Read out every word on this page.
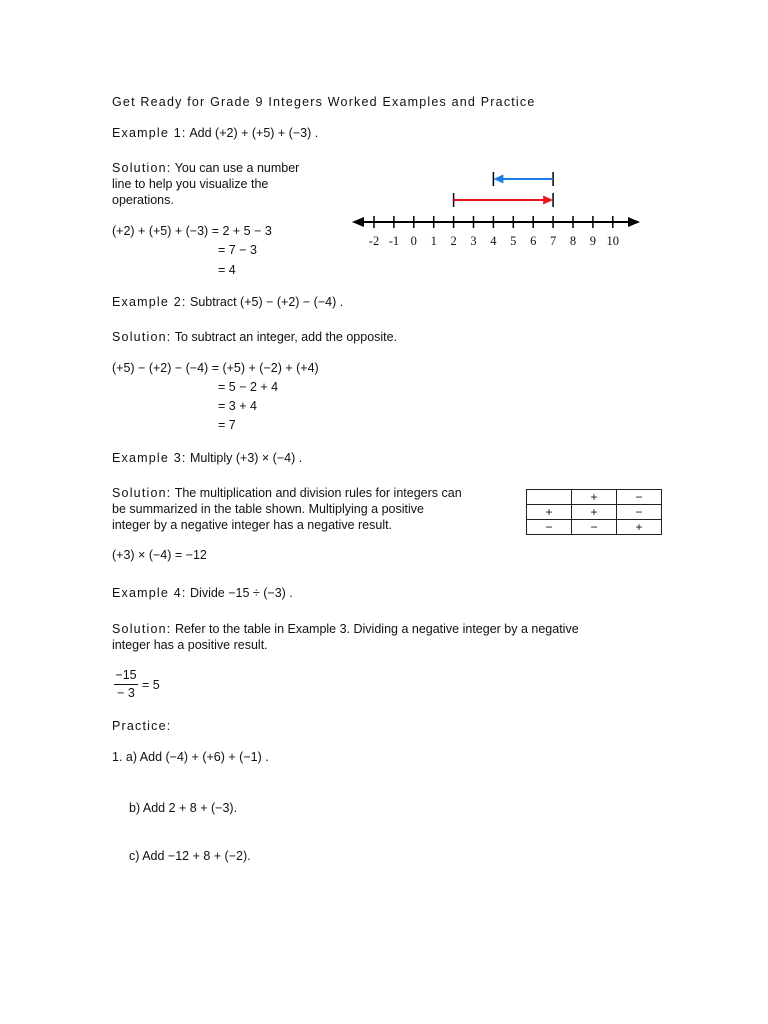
Get Ready for Grade 9 Integers Worked Examples and Practice
Example 1: Add (+2) + (+5) + (−3) .
Solution: You can use a number
line to help you visualize the
operations.
(+2) + (+5) + (−3) = 2 + 5 − 3
= 7 − 3
= 4
-2 -1 0 1 2 3 4 5 6 7 8 9 10
Example 2: Subtract (+5) − (+2) − (−4) .
Solution: To subtract an integer, add the opposite.
(+5) − (+2) − (−4) = (+5) + (−2) + (+4)
= 5 − 2 + 4
= 3 + 4
= 7
Example 3: Multiply (+3) × (−4) .
Solution: The multiplication and division rules for integers can
be summarized in the table shown. Multiplying a positive
integer by a negative integer has a negative result.
(+3) × (−4) = −12
	+	−
+	+	−
−	−	+
Example 4: Divide −15 ÷ (−3) .
Solution: Refer to the table in Example 3. Dividing a negative integer by a negative
integer has a positive result.
−15
− 3
= 5
Practice:
1. a) Add (−4) + (+6) + (−1) .
b) Add 2 + 8 + (−3).
c) Add −12 + 8 + (−2).
